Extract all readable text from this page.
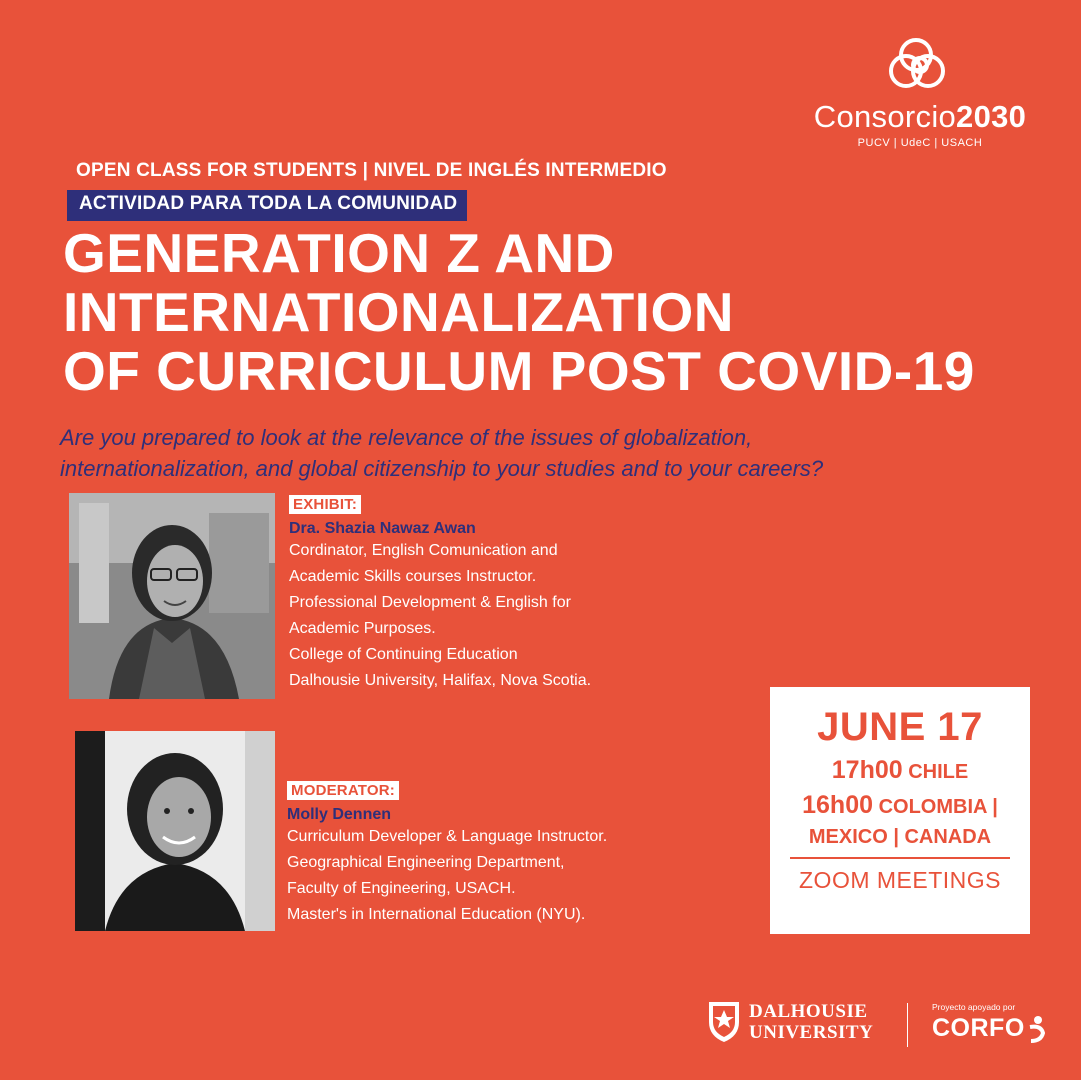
Consorcio2030
PUCV | UdeC | USACH
OPEN CLASS FOR STUDENTS | NIVEL DE INGLÉS INTERMEDIO
ACTIVIDAD PARA TODA LA COMUNIDAD
GENERATION Z AND
INTERNATIONALIZATION
OF CURRICULUM POST COVID-19
Are you prepared to look at the relevance of the issues of globalization,
internationalization, and global citizenship to your studies and to your careers?
EXHIBIT:
Dra. Shazia Nawaz Awan
Cordinator, English Comunication and
Academic Skills courses Instructor.
Professional Development & English for
Academic Purposes.
College of Continuing Education
Dalhousie University, Halifax, Nova Scotia.
MODERATOR:
Molly Dennen
Curriculum Developer & Language Instructor.
Geographical Engineering Department,
Faculty of Engineering, USACH.
Master's in International Education (NYU).
JUNE 17
17h00 CHILE
16h00 COLOMBIA |
MEXICO | CANADA
ZOOM MEETINGS
DALHOUSIE
UNIVERSITY
Proyecto apoyado por
CORFO
